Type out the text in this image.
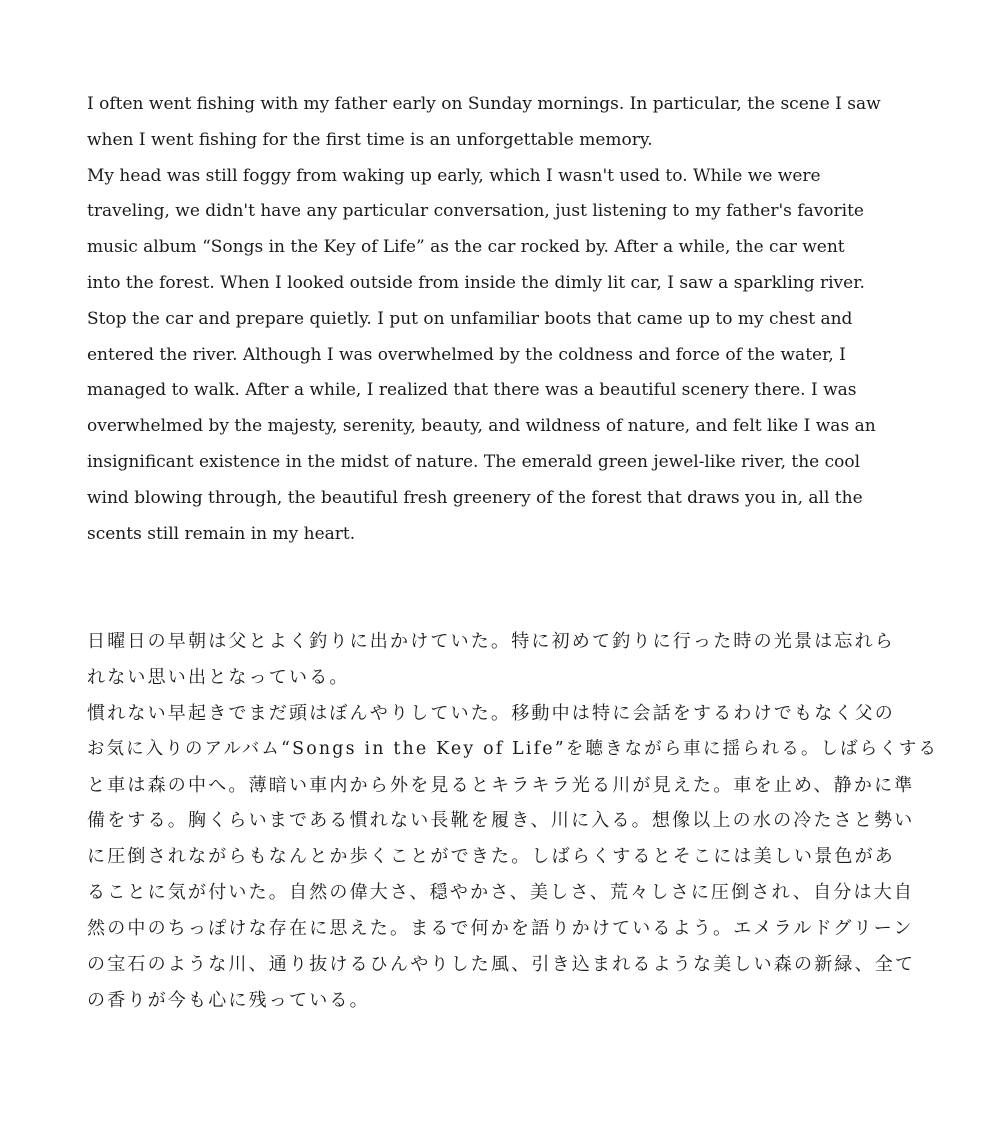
I often went fishing with my father early on Sunday mornings. In particular, the scene I saw
when I went fishing for the first time is an unforgettable memory.
My head was still foggy from waking up early, which I wasn't used to. While we were
traveling, we didn't have any particular conversation, just listening to my father's favorite
music album “Songs in the Key of Life” as the car rocked by. After a while, the car went
into the forest. When I looked outside from inside the dimly lit car, I saw a sparkling river.
Stop the car and prepare quietly. I put on unfamiliar boots that came up to my chest and
entered the river. Although I was overwhelmed by the coldness and force of the water, I
managed to walk. After a while, I realized that there was a beautiful scenery there. I was
overwhelmed by the majesty, serenity, beauty, and wildness of nature, and felt like I was an
insignificant existence in the midst of nature. The emerald green jewel-like river, the cool
wind blowing through, the beautiful fresh greenery of the forest that draws you in, all the
scents still remain in my heart.
日曜日の早朝は父とよく釣りに出かけていた。特に初めて釣りに行った時の光景は忘れら
れない思い出となっている。
慣れない早起きでまだ頭はぼんやりしていた。移動中は特に会話をするわけでもなく父の
お気に入りのアルバム“Songs in the Key of Life”を聴きながら車に揺られる。しばらくする
と車は森の中へ。薄暗い車内から外を見るとキラキラ光る川が見えた。車を止め、静かに準
備をする。胸くらいまである慣れない長靴を履き、川に入る。想像以上の水の冷たさと勢い
に圧倒されながらもなんとか歩くことができた。しばらくするとそこには美しい景色があ
ることに気が付いた。自然の偉大さ、穏やかさ、美しさ、荒々しさに圧倒され、自分は大自
然の中のちっぽけな存在に思えた。まるで何かを語りかけているよう。エメラルドグリーン
の宝石のような川、通り抜けるひんやりした風、引き込まれるような美しい森の新緑、全て
の香りが今も心に残っている。
